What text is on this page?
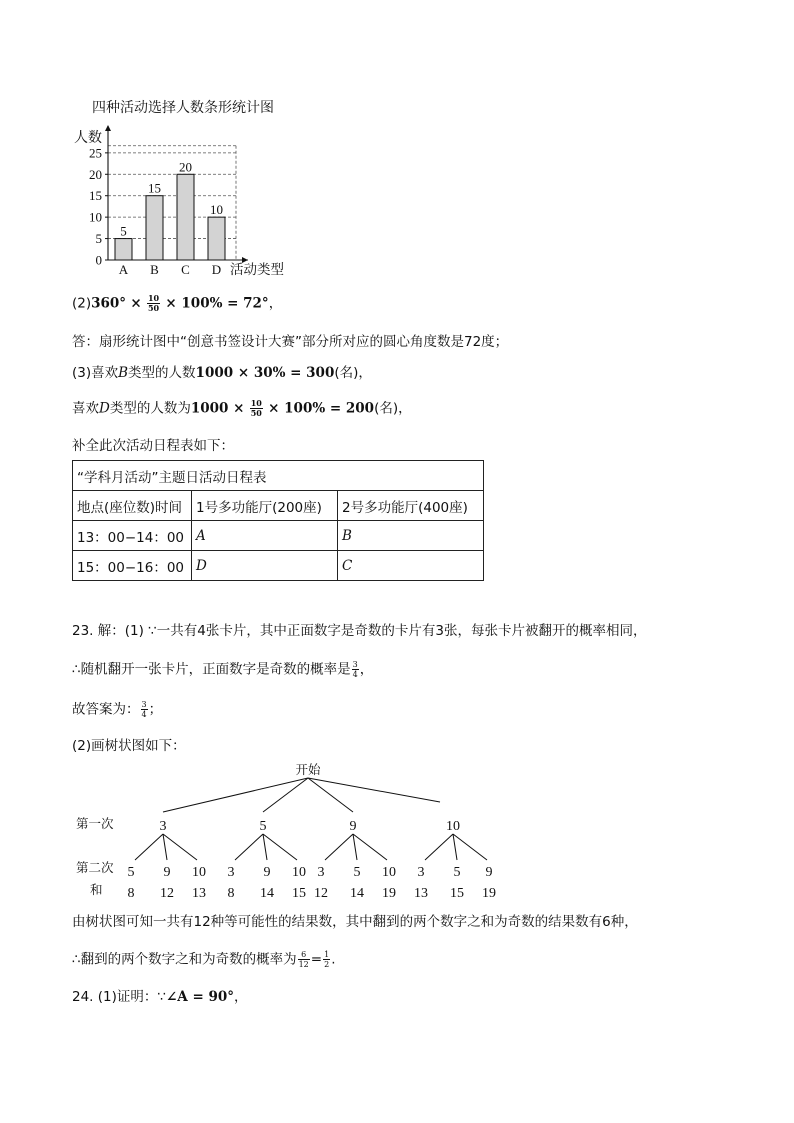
四种活动选择人数条形统计图
0
5
10
15
20
25
人数
活动类型
5
A
15
B
20
C
10
D
$(2)360^\circ \times \frac{10}{50} \times 100\% = 72^\circ$，
答：扇形统计图中“创意书签设计大赛”部分所对应的圆心角度数是72度；
(3)喜欢B类型的人数1000 × 30% = 300(名)，
喜欢D类型的人数为$1000 \times \frac{10}{50} \times 100\% = 200$(名)，
补全此次活动日程表如下：
“学科月活动”主题日活动日程表		
地点(座位数)时间	1号多功能厅(200座)	2号多功能厅(400座)
13：00−14：00	A	B
15：00−16：00	D	C
23. 解：(1) ∵一共有4张卡片，其中正面数字是奇数的卡片有3张，每张卡片被翻开的概率相同，
∴随机翻开一张卡片，正面数字是奇数的概率是 $\frac{3}{4}$ ，
故答案为： $\frac{3}{4}$ ；
(2)画树状图如下：
开始
第一次
第二次
和
3
5
8
9
12
10
13
5
3
8
9
14
10
15
9
3
12
5
14
10
19
10
3
13
5
15
9
19
由树状图可知一共有12种等可能性的结果数，其中翻到的两个数字之和为奇数的结果数有6种，
∴翻到的两个数字之和为奇数的概率为 $\frac{6}{12} = \frac{1}{2}$ .
24. (1)证明：∵∠A = 90°，
